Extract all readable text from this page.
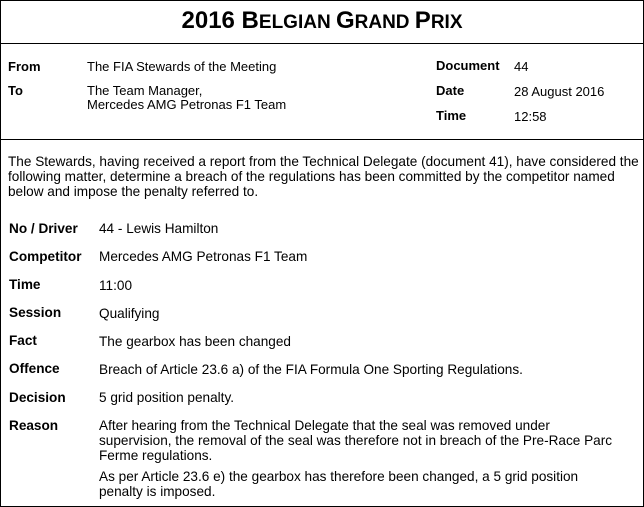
2016 BELGIAN GRAND PRIX
From	The FIA Stewards of the Meeting
To	The Team Manager,
Mercedes AMG Petronas F1 Team
Document 44
Date	28 August 2016
Time	12:58
The Stewards, having received a report from the Technical Delegate (document 41), have considered the following matter, determine a breach of the regulations has been committed by the competitor named below and impose the penalty referred to.
No / Driver 44 - Lewis Hamilton
Competitor Mercedes AMG Petronas F1 Team
Time	11:00
Session	Qualifying
Fact	The gearbox has been changed
Offence	Breach of Article 23.6 a) of the FIA Formula One Sporting Regulations.
Decision 5 grid position penalty.
Reason	After hearing from the Technical Delegate that the seal was removed under supervision, the removal of the seal was therefore not in breach of the Pre-Race Parc Ferme regulations.

As per Article 23.6 e) the gearbox has therefore been changed, a 5 grid position penalty is imposed.
